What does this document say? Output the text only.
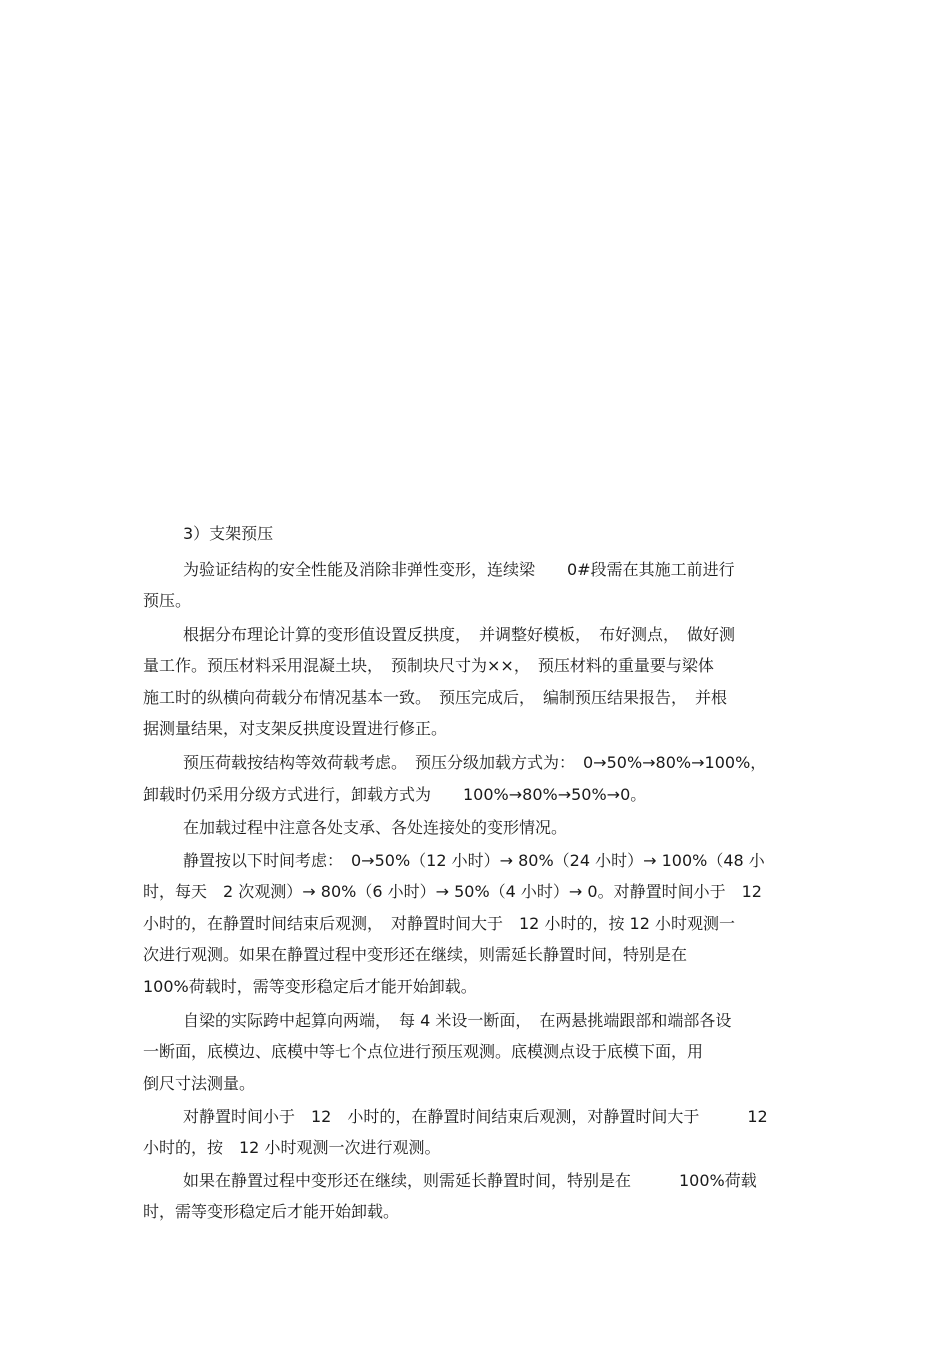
3）支架预压
为验证结构的安全性能及消除非弹性变形，连续梁　　0#段需在其施工前进行
预压。
根据分布理论计算的变形值设置反拱度，　并调整好模板，　布好测点，　做好测
量工作。预压材料采用混凝土块，　预制块尺寸为××，　预压材料的重量要与梁体
施工时的纵横向荷载分布情况基本一致。　预压完成后，　编制预压结果报告，　并根
据测量结果，对支架反拱度设置进行修正。
预压荷载按结构等效荷载考虑。　预压分级加载方式为：　0→50%→80%→100%，
卸载时仍采用分级方式进行，卸载方式为　　100%→80%→50%→0。
在加载过程中注意各处支承、各处连接处的变形情况。
静置按以下时间考虑：　0→50%（12 小时）→ 80%（24 小时）→ 100%（48 小
时，每天　2 次观测）→ 80%（6 小时）→ 50%（4 小时）→ 0。对静置时间小于　12
小时的，在静置时间结束后观测，　对静置时间大于　12 小时的，按 12 小时观测一
次进行观测。如果在静置过程中变形还在继续，则需延长静置时间，特别是在
100%荷载时，需等变形稳定后才能开始卸载。
自梁的实际跨中起算向两端，　每 4 米设一断面，　在两悬挑端跟部和端部各设
一断面，底模边、底模中等七个点位进行预压观测。底模测点设于底模下面，用
倒尺寸法测量。
对静置时间小于　12　小时的，在静置时间结束后观测，对静置时间大于　　　12
小时的，按　12 小时观测一次进行观测。
如果在静置过程中变形还在继续，则需延长静置时间，特别是在　　　100%荷载
时，需等变形稳定后才能开始卸载。
